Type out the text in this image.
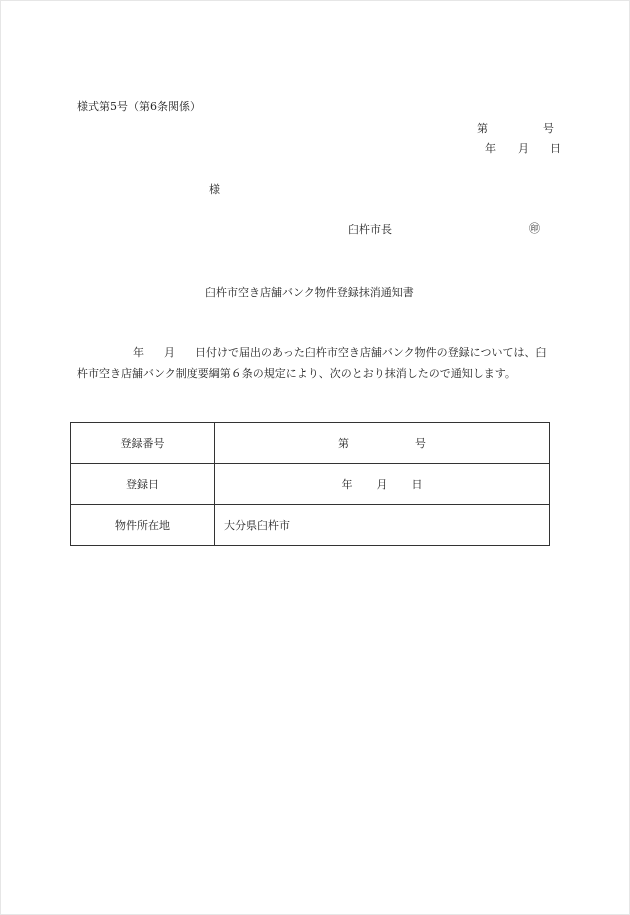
様式第5号（第6条関係）
第	号
年 月 日
様
臼杵市長	㊞
臼杵市空き店舗バンク物件登録抹消通知書
年 月 日付けで届出のあった臼杵市空き店舗バンク物件の登録については、臼
杵市空き店舗バンク制度要綱第６条の規定により、次のとおり抹消したので通知します。
登録番号	第 号
登録日	年 月 日
物件所在地	大分県臼杵市
